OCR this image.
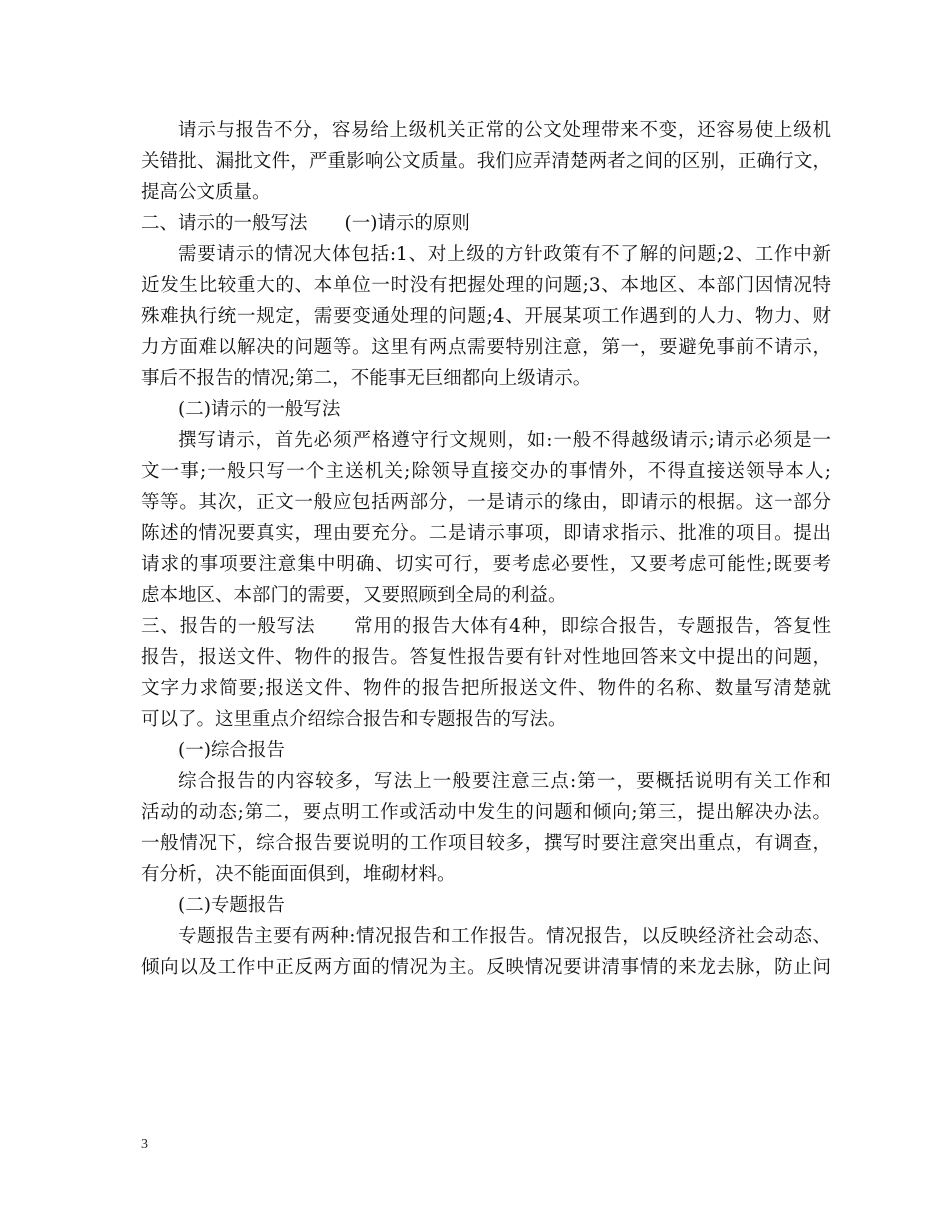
请示与报告不分，容易给上级机关正常的公文处理带来不变，还容易使上级机
关错批、漏批文件，严重影响公文质量。我们应弄清楚两者之间的区别，正确行文，
提高公文质量。
二、请示的一般写法　　(一)请示的原则
需要请示的情况大体包括:1、对上级的方针政策有不了解的问题;2、工作中新
近发生比较重大的、本单位一时没有把握处理的问题;3、本地区、本部门因情况特
殊难执行统一规定，需要变通处理的问题;4、开展某项工作遇到的人力、物力、财
力方面难以解决的问题等。这里有两点需要特别注意，第一，要避免事前不请示，
事后不报告的情况;第二，不能事无巨细都向上级请示。
(二)请示的一般写法
撰写请示，首先必须严格遵守行文规则，如:一般不得越级请示;请示必须是一
文一事;一般只写一个主送机关;除领导直接交办的事情外，不得直接送领导本人;
等等。其次，正文一般应包括两部分，一是请示的缘由，即请示的根据。这一部分
陈述的情况要真实，理由要充分。二是请示事项，即请求指示、批准的项目。提出
请求的事项要注意集中明确、切实可行，要考虑必要性，又要考虑可能性;既要考
虑本地区、本部门的需要，又要照顾到全局的利益。
三、报告的一般写法　　常用的报告大体有4种，即综合报告，专题报告，答复性
报告，报送文件、物件的报告。答复性报告要有针对性地回答来文中提出的问题，
文字力求简要;报送文件、物件的报告把所报送文件、物件的名称、数量写清楚就
可以了。这里重点介绍综合报告和专题报告的写法。
(一)综合报告
综合报告的内容较多，写法上一般要注意三点:第一，要概括说明有关工作和
活动的动态;第二，要点明工作或活动中发生的问题和倾向;第三，提出解决办法。
一般情况下，综合报告要说明的工作项目较多，撰写时要注意突出重点，有调查，
有分析，决不能面面俱到，堆砌材料。
(二)专题报告
专题报告主要有两种:情况报告和工作报告。情况报告，以反映经济社会动态、
倾向以及工作中正反两方面的情况为主。反映情况要讲清事情的来龙去脉，防止问
3
